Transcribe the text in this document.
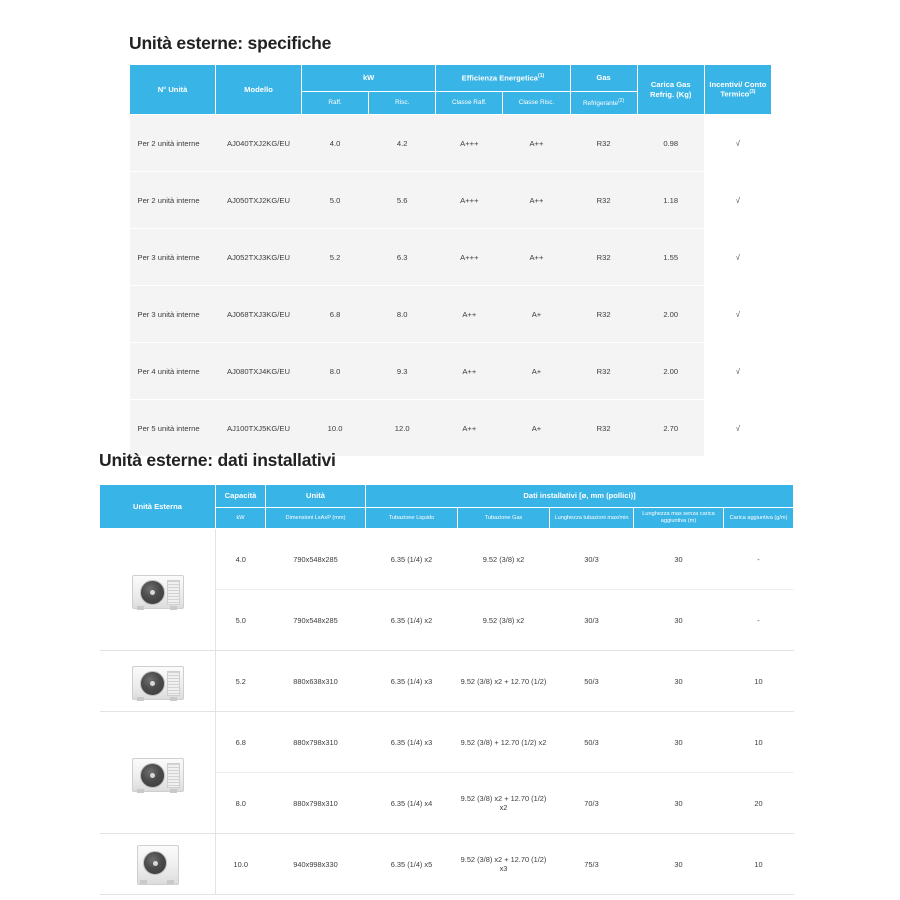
Unità esterne: specifiche
N° Unità	Modello	kW		Efficienza Energetica$^{(1)}$		Gas	Carica Gas Refrig. (Kg)	Incentivi/ Conto Termico$^{(3)}$
		Raff.	Risc.	Classe Raff.	Classe Risc.	Refrigerante$^{(2)}$
Per 2 unità interne	AJ040TXJ2KG/EU	4.0	4.2	A+++	A++	R32	0.98	√
Per 2 unità interne	AJ050TXJ2KG/EU	5.0	5.6	A+++	A++	R32	1.18	√
Per 3 unità interne	AJ052TXJ3KG/EU	5.2	6.3	A+++	A++	R32	1.55	√
Per 3 unità interne	AJ068TXJ3KG/EU	6.8	8.0	A++	A+	R32	2.00	√
Per 4 unità interne	AJ080TXJ4KG/EU	8.0	9.3	A++	A+	R32	2.00	√
Per 5 unità interne	AJ100TXJ5KG/EU	10.0	12.0	A++	A+	R32	2.70	√
Unità esterne: dati installativi
Unità Esterna	Capacità	Unità	Dati installativi [ø, mm (pollici)]				
	kW	Dimensioni LxAxP (mm)	Tubazione Liquido	Tubazione Gas	Lunghezza tubazioni max/min	Lunghezza max senza carica aggiuntiva (m)	Carica aggiuntiva (g/m)

	4.0	790x548x285	6.35 (1/4) x2	9.52 (3/8) x2	30/3	30	-
	5.0	790x548x285	6.35 (1/4) x2	9.52 (3/8) x2	30/3	30	-

	5.2	880x638x310	6.35 (1/4) x3	9.52 (3/8) x2 + 12.70 (1/2)	50/3	30	10

	6.8	880x798x310	6.35 (1/4) x3	9.52 (3/8) + 12.70 (1/2) x2	50/3	30	10
	8.0	880x798x310	6.35 (1/4) x4	9.52 (3/8) x2 + 12.70 (1/2) x2	70/3	30	20

	10.0	940x998x330	6.35 (1/4) x5	9.52 (3/8) x2 + 12.70 (1/2) x3	75/3	30	10
